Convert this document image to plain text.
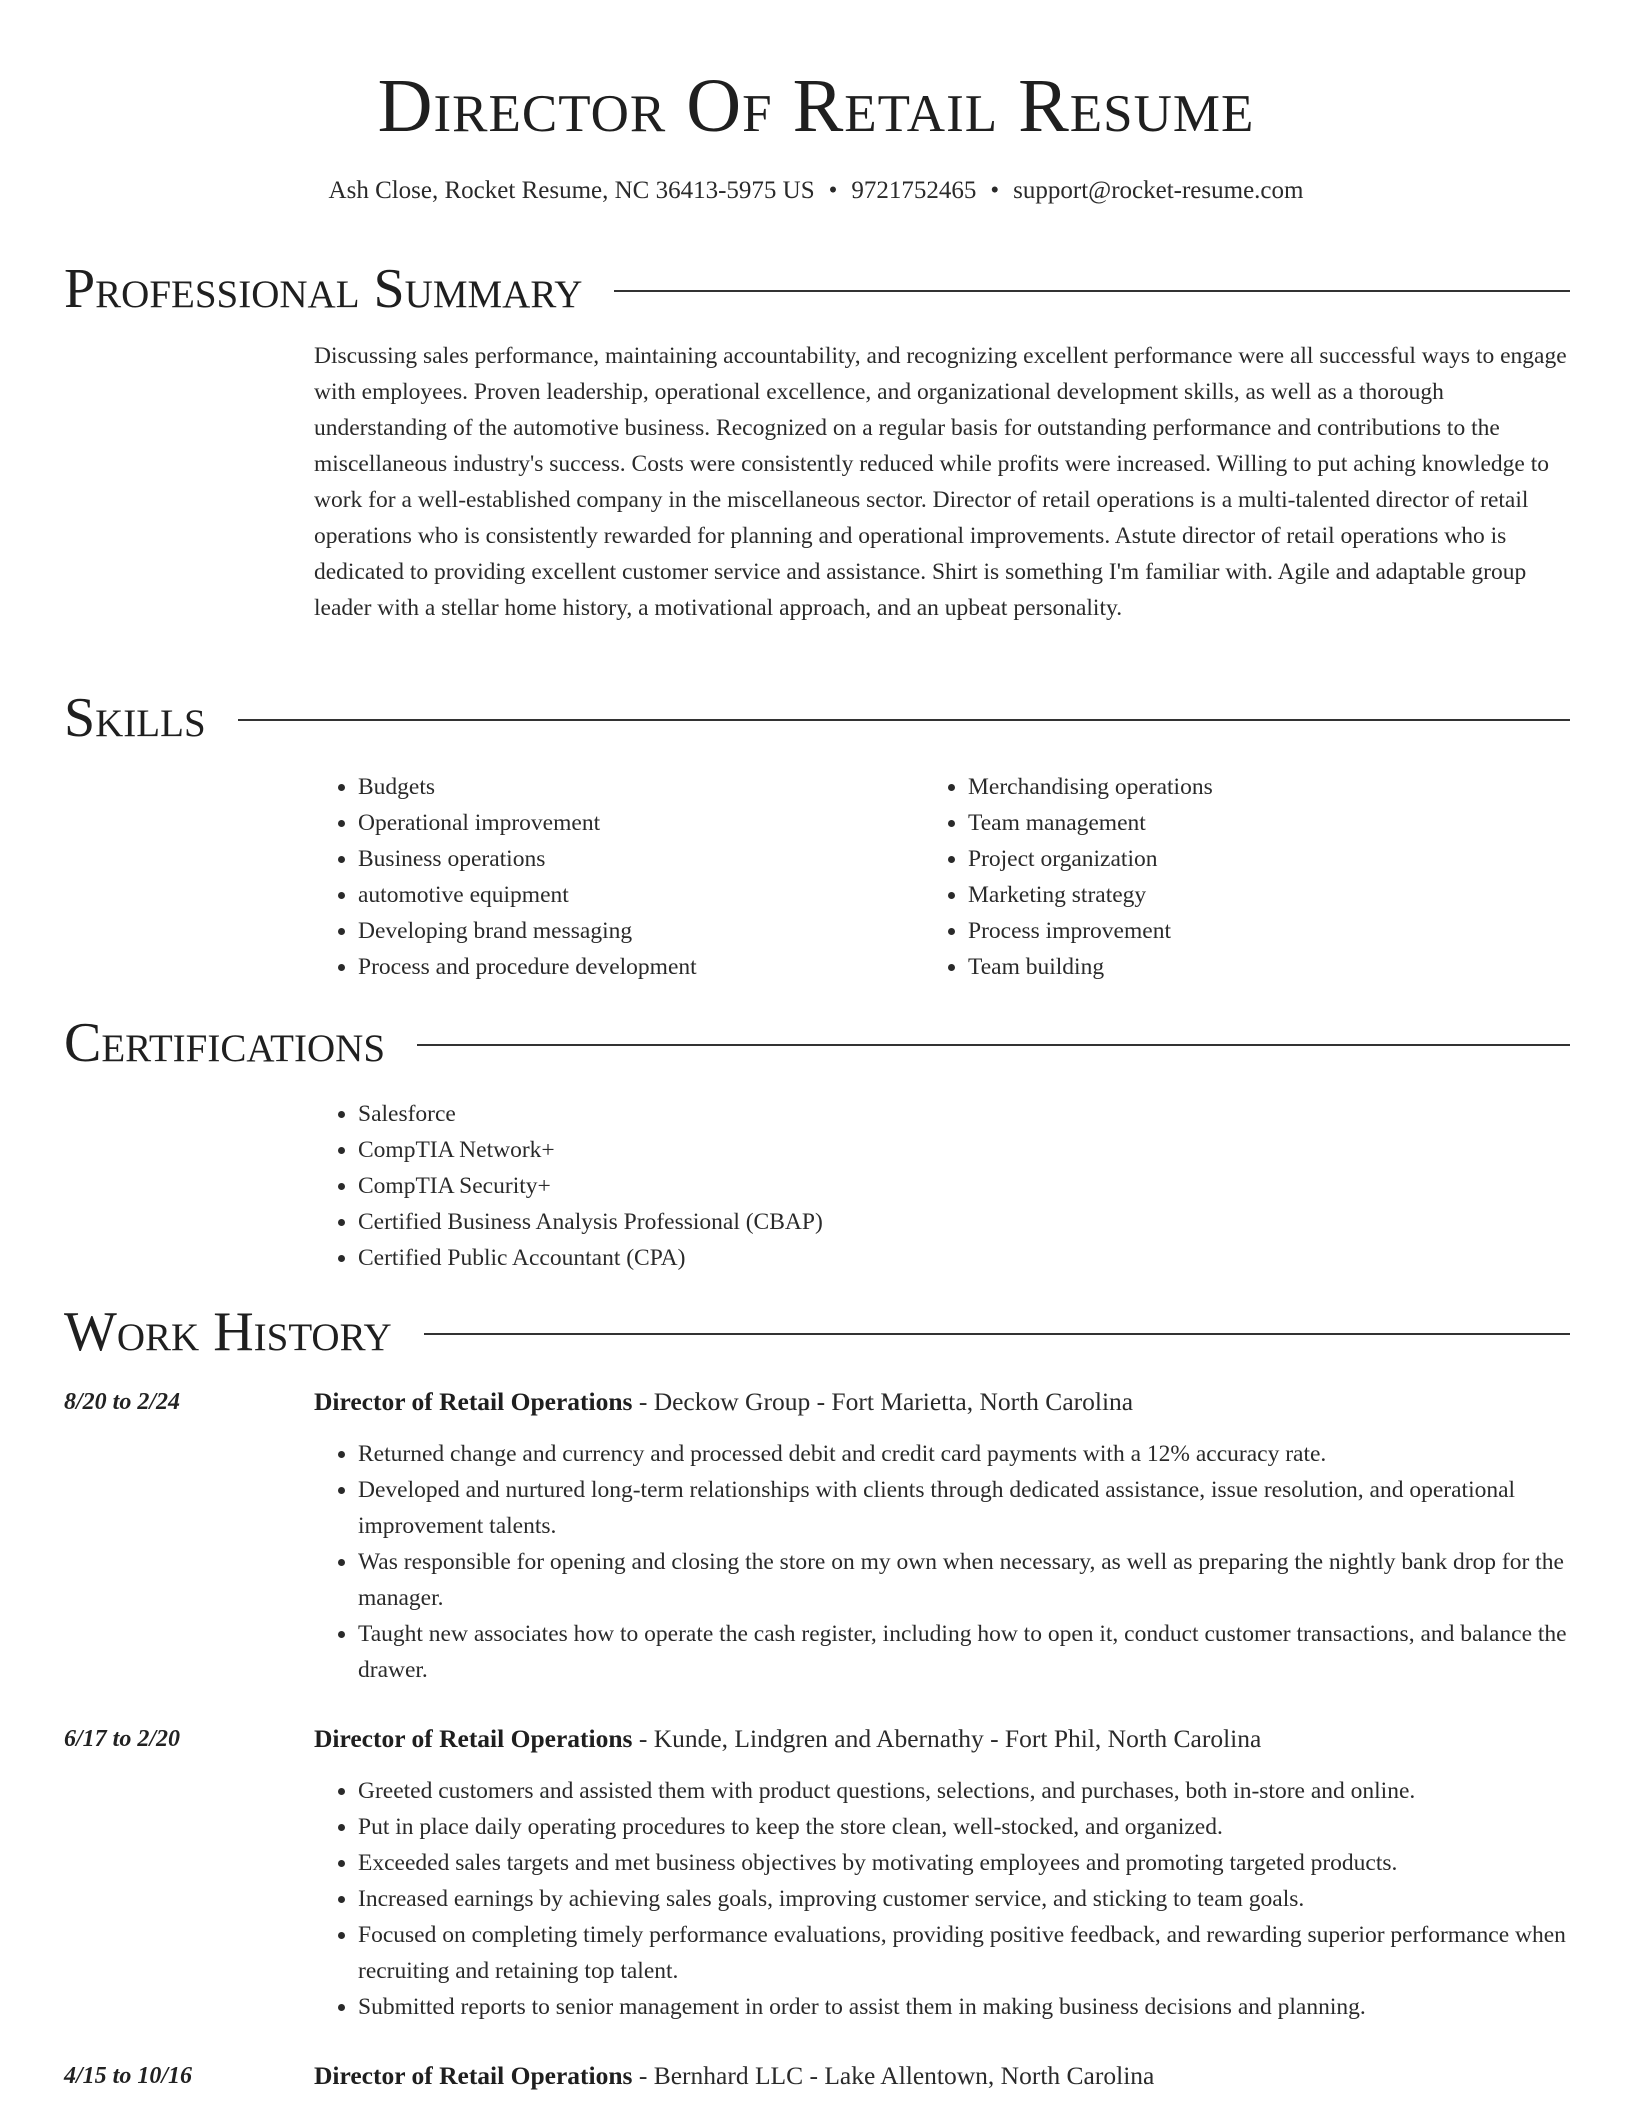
Director Of Retail Resume
Ash Close, Rocket Resume, NC 36413-5975 US • 9721752465 • support@rocket-resume.com
Professional Summary

Discussing sales performance, maintaining accountability, and recognizing excellent performance were all successful ways to engage with employees. Proven leadership, operational excellence, and organizational development skills, as well as a thorough understanding of the automotive business. Recognized on a regular basis for outstanding performance and contributions to the miscellaneous industry's success. Costs were consistently reduced while profits were increased. Willing to put aching knowledge to work for a well-established company in the miscellaneous sector. Director of retail operations is a multi-talented director of retail operations who is consistently rewarded for planning and operational improvements. Astute director of retail operations who is dedicated to providing excellent customer service and assistance. Shirt is something I'm familiar with. Agile and adaptable group leader with a stellar home history, a motivational approach, and an upbeat personality.

Skills
• Budgets
• Operational improvement
• Business operations
• automotive equipment
• Developing brand messaging
• Process and procedure development
• Merchandising operations
• Team management
• Project organization
• Marketing strategy
• Process improvement
• Team building
Certifications
• Salesforce
• CompTIA Network+
• CompTIA Security+
• Certified Business Analysis Professional (CBAP)
• Certified Public Accountant (CPA)
Work History
8/20 to 2/24	Director of Retail Operations - Deckow Group - Fort Marietta, North Carolina
• Returned change and currency and processed debit and credit card payments with a 12% accuracy rate.
• Developed and nurtured long-term relationships with clients through dedicated assistance, issue resolution, and operational improvement talents.
• Was responsible for opening and closing the store on my own when necessary, as well as preparing the nightly bank drop for the manager.
• Taught new associates how to operate the cash register, including how to open it, conduct customer transactions, and balance the drawer.
6/17 to 2/20	Director of Retail Operations - Kunde, Lindgren and Abernathy - Fort Phil, North Carolina
• Greeted customers and assisted them with product questions, selections, and purchases, both in-store and online.
• Put in place daily operating procedures to keep the store clean, well-stocked, and organized.
• Exceeded sales targets and met business objectives by motivating employees and promoting targeted products.
• Increased earnings by achieving sales goals, improving customer service, and sticking to team goals.
• Focused on completing timely performance evaluations, providing positive feedback, and rewarding superior performance when recruiting and retaining top talent.
• Submitted reports to senior management in order to assist them in making business decisions and planning.
4/15 to 10/16	Director of Retail Operations - Bernhard LLC - Lake Allentown, North Carolina
